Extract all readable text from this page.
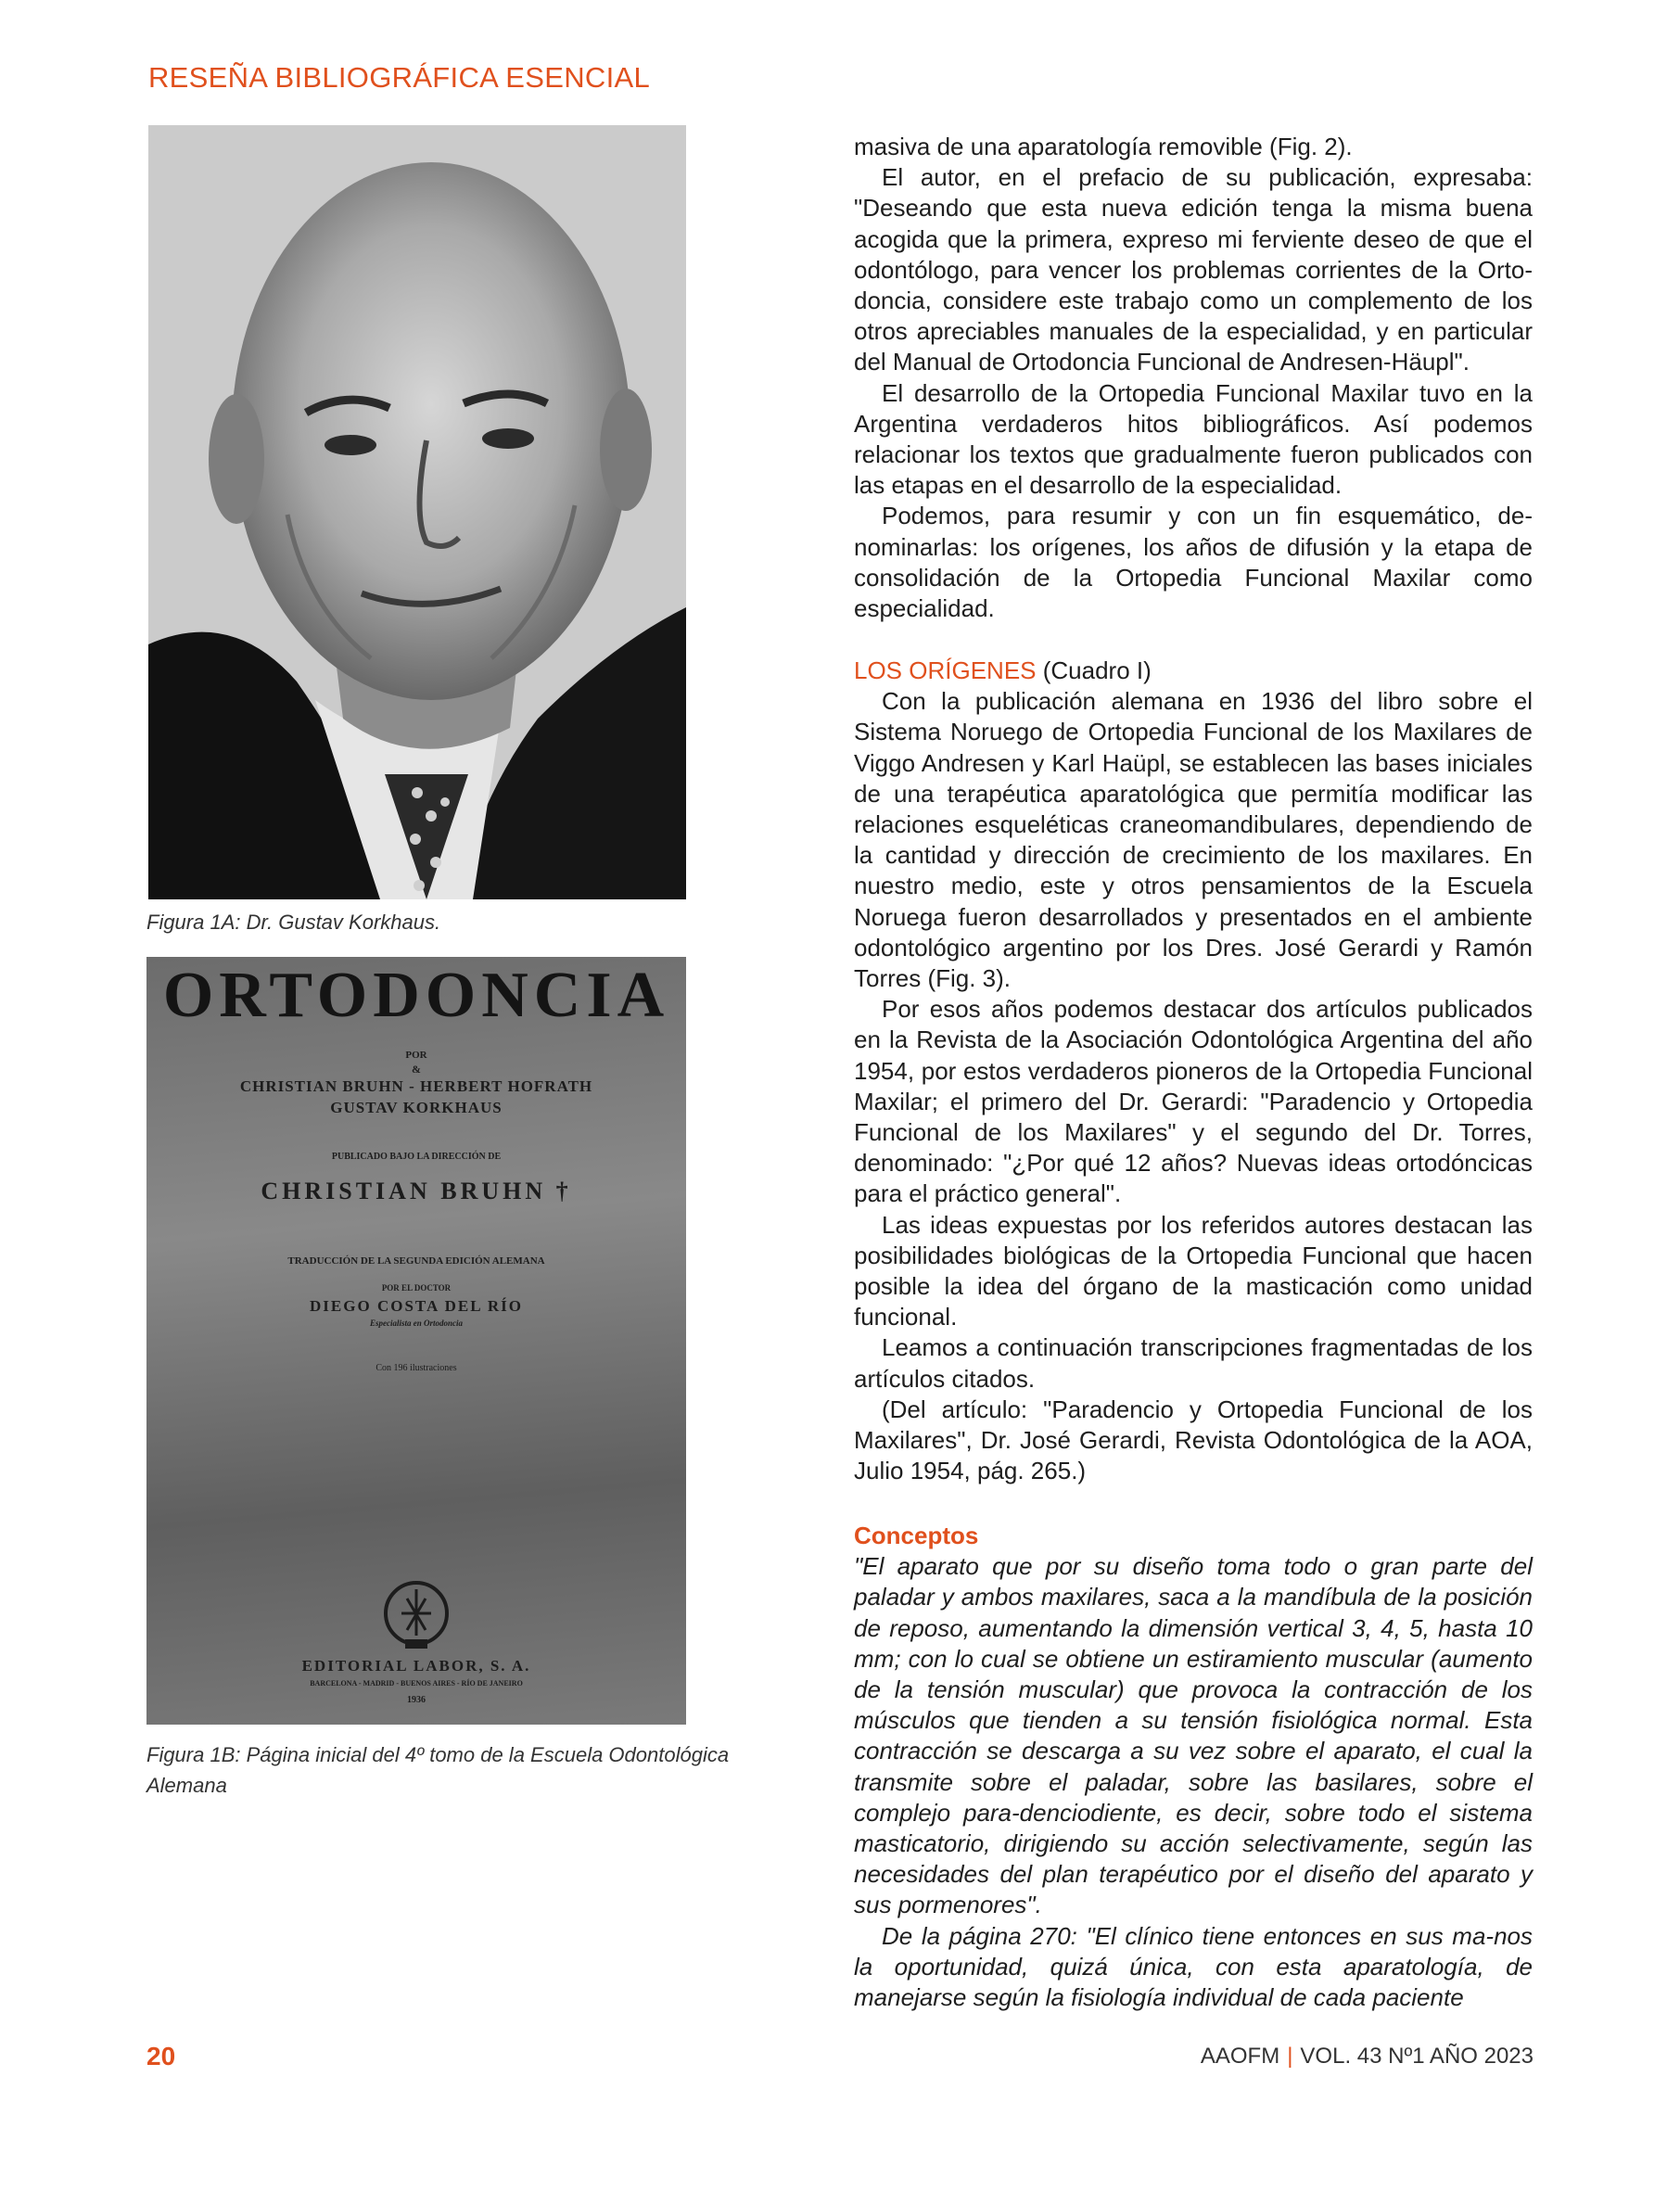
RESEÑA BIBLIOGRÁFICA ESENCIAL
Figura 1A: Dr. Gustav Korkhaus.
ORTODONCIA
POR
&
CHRISTIAN BRUHN - HERBERT HOFRATH
GUSTAV KORKHAUS
PUBLICADO BAJO LA DIRECCIÓN DE
CHRISTIAN BRUHN †
TRADUCCIÓN DE LA SEGUNDA EDICIÓN ALEMANA
POR EL DOCTOR
DIEGO COSTA DEL RÍO
Especialista en Ortodoncia
Con 196 ilustraciones
EDITORIAL LABOR, S. A.
BARCELONA - MADRID - BUENOS AIRES - RÍO DE JANEIRO
1936
Figura 1B: Página inicial del 4º tomo de la Escuela Odontológica Alemana

masiva de una aparatología removible (Fig. 2).

El autor, en el prefacio de su publicación, expresaba: "Deseando que esta nueva edición tenga la misma buena acogida que la primera, expreso mi ferviente deseo de que el odontólogo, para vencer los problemas corrientes de la Orto-doncia, considere este trabajo como un complemento de los otros apreciables manuales de la especialidad, y en particular del Manual de Ortodoncia Funcional de Andresen-Häupl".

El desarrollo de la Ortopedia Funcional Maxilar tuvo en la Argentina verdaderos hitos bibliográficos. Así podemos relacionar los textos que gradualmente fueron publicados con las etapas en el desarrollo de la especialidad.

Podemos, para resumir y con un fin esquemático, de-nominarlas: los orígenes, los años de difusión y la etapa de consolidación de la Ortopedia Funcional Maxilar como especialidad.

LOS ORÍGENES (Cuadro I)

Con la publicación alemana en 1936 del libro sobre el Sistema Noruego de Ortopedia Funcional de los Maxilares de Viggo Andresen y Karl Haüpl, se establecen las bases iniciales de una terapéutica aparatológica que permitía modificar las relaciones esqueléticas craneomandibulares, dependiendo de la cantidad y dirección de crecimiento de los maxilares. En nuestro medio, este y otros pensamientos de la Escuela Noruega fueron desarrollados y presentados en el ambiente odontológico argentino por los Dres. José Gerardi y Ramón Torres (Fig. 3).

Por esos años podemos destacar dos artículos publicados en la Revista de la Asociación Odontológica Argentina del año 1954, por estos verdaderos pioneros de la Ortopedia Funcional Maxilar; el primero del Dr. Gerardi: "Paradencio y Ortopedia Funcional de los Maxilares" y el segundo del Dr. Torres, denominado: "¿Por qué 12 años? Nuevas ideas ortodóncicas para el práctico general".

Las ideas expuestas por los referidos autores destacan las posibilidades biológicas de la Ortopedia Funcional que hacen posible la idea del órgano de la masticación como unidad funcional.

Leamos a continuación transcripciones fragmentadas de los artículos citados.

(Del artículo: "Paradencio y Ortopedia Funcional de los Maxilares", Dr. José Gerardi, Revista Odontológica de la AOA, Julio 1954, pág. 265.)

Conceptos

"El aparato que por su diseño toma todo o gran parte del paladar y ambos maxilares, saca a la mandíbula de la posición de reposo, aumentando la dimensión vertical 3, 4, 5, hasta 10 mm; con lo cual se obtiene un estiramiento muscular (aumento de la tensión muscular) que provoca la contracción de los músculos que tienden a su tensión fisiológica normal. Esta contracción se descarga a su vez sobre el aparato, el cual la transmite sobre el paladar, sobre las basilares, sobre el complejo para-denciodiente, es decir, sobre todo el sistema masticatorio, dirigiendo su acción selectivamente, según las necesidades del plan terapéutico por el diseño del aparato y sus pormenores".

De la página 270: "El clínico tiene entonces en sus ma-nos la oportunidad, quizá única, con esta aparatología, de manejarse según la fisiología individual de cada paciente

20	AAOFM | VOL. 43 Nº1 AÑO 2023
